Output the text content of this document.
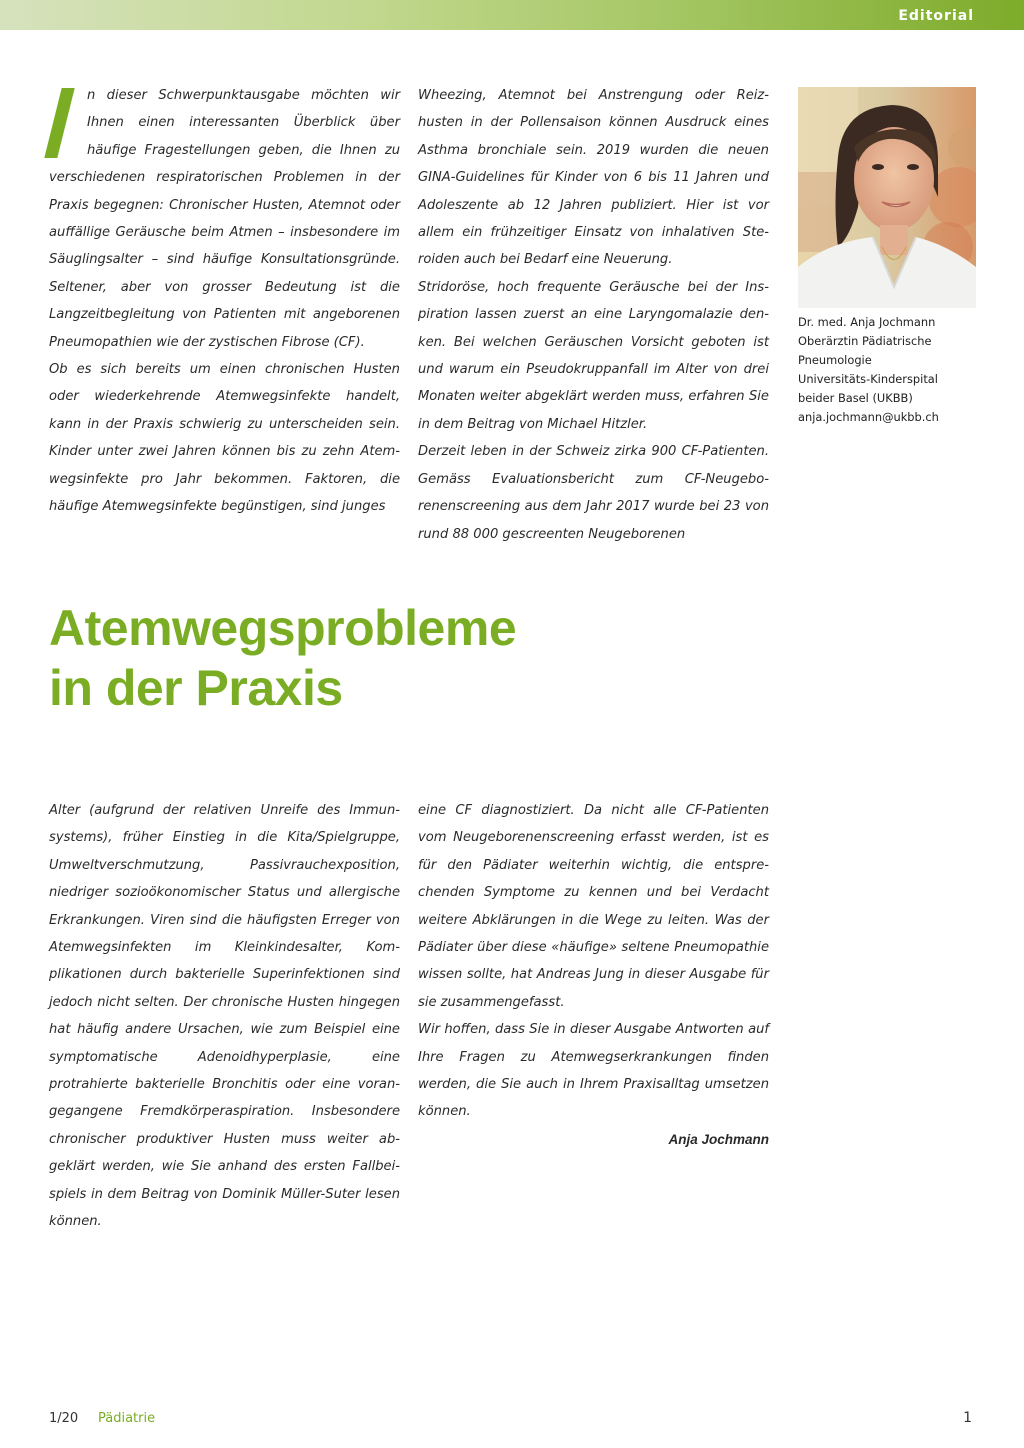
Editorial

n dieser Schwerpunktausgabe möchten wir Ihnen einen interessanten Überblick über häufige Fragestellungen geben, die Ihnen zu verschiedenen respiratorischen Problemen in der Praxis begegnen: Chronischer Husten, Atemnot oder auffällige Geräusche beim Atmen – insbesondere im Säuglingsalter – sind häufige Konsultationsgründe. Seltener, aber von grosser Bedeutung ist die Langzeitbegleitung von Patienten mit angeborenen Pneumopathien wie der zystischen Fibrose (CF).

Ob es sich bereits um einen chronischen Husten oder wiederkehrende Atemwegsinfekte handelt, kann in der Praxis schwierig zu unterscheiden sein. Kinder unter zwei Jahren können bis zu zehn Atemwegsinfekte pro Jahr bekommen. Faktoren, die häufige Atemwegsinfekte begünstigen, sind junges

Wheezing, Atemnot bei Anstrengung oder Reizhusten in der Pollensaison können Ausdruck eines Asthma bronchiale sein. 2019 wurden die neuen GINA-Guidelines für Kinder von 6 bis 11 Jahren und Adoleszente ab 12 Jahren publiziert. Hier ist vor allem ein frühzeitiger Einsatz von inhalativen Steroiden auch bei Bedarf eine Neuerung.

Stridoröse, hoch frequente Geräusche bei der Inspiration lassen zuerst an eine Laryngomalazie denken. Bei welchen Geräuschen Vorsicht geboten ist und warum ein Pseudokruppanfall im Alter von drei Monaten weiter abgeklärt werden muss, erfahren Sie in dem Beitrag von Michael Hitzler.

Derzeit leben in der Schweiz zirka 900 CF-Patienten. Gemäss Evaluationsbericht zum CF-Neugeborenenscreening aus dem Jahr 2017 wurde bei 23 von rund 88 000 gescreenten Neugeborenen

Dr. med. Anja Jochmann
Oberärztin Pädiatrische
Pneumologie
Universitäts-Kinderspital
beider Basel (UKBB)
anja.jochmann@ukbb.ch
Atemwegsprobleme
in der Praxis

Alter (aufgrund der relativen Unreife des Immunsystems), früher Einstieg in die Kita/Spielgruppe, Umweltverschmutzung, Passivrauchexposition, niedriger sozioökonomischer Status und allergische Erkrankungen. Viren sind die häufigsten Erreger von Atemwegsinfekten im Kleinkindesalter, Komplikationen durch bakterielle Superinfektionen sind jedoch nicht selten. Der chronische Husten hingegen hat häufig andere Ursachen, wie zum Beispiel eine symptomatische Adenoidhyperplasie, eine protrahierte bakterielle Bronchitis oder eine vorangegangene Fremdkörperaspiration. Insbesondere chronischer produktiver Husten muss weiter abgeklärt werden, wie Sie anhand des ersten Fallbeispiels in dem Beitrag von Dominik Müller-Suter lesen können.

eine CF diagnostiziert. Da nicht alle CF-Patienten vom Neugeborenenscreening erfasst werden, ist es für den Pädiater weiterhin wichtig, die entsprechenden Symptome zu kennen und bei Verdacht weitere Abklärungen in die Wege zu leiten. Was der Pädiater über diese «häufige» seltene Pneumopathie wissen sollte, hat Andreas Jung in dieser Ausgabe für sie zusammengefasst.

Wir hoffen, dass Sie in dieser Ausgabe Antworten auf Ihre Fragen zu Atemwegserkrankungen finden werden, die Sie auch in Ihrem Praxisalltag umsetzen können.

Anja Jochmann

1/20 Pädiatrie	1
